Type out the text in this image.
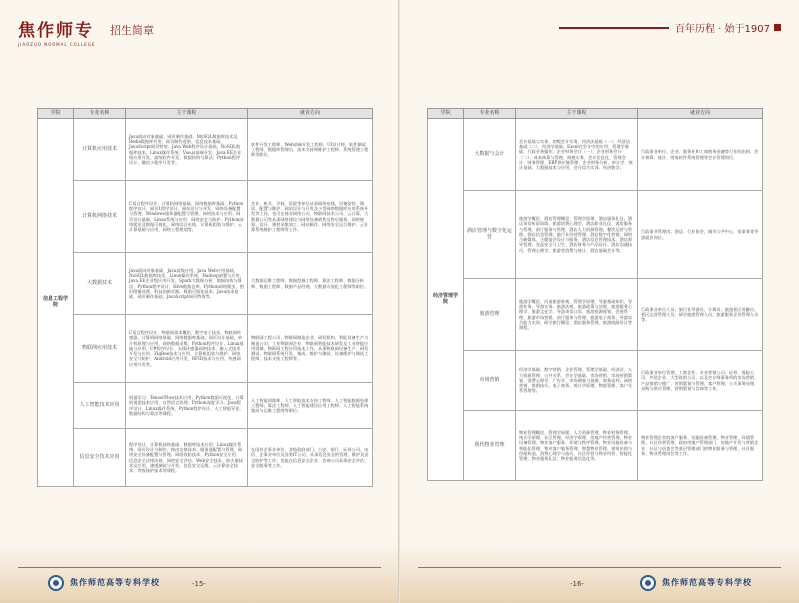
焦作师专
JIAOZUO NORMAL COLLEGE
招生简章
学院	专业名称	主干课程	就业方向
信息工程学院	计算机应用技术	Java面向对象基础、网页制作基础、MySQL数据库技术及Redis数据库应用、网页制作进阶、信息技术基础、JavaScript网页特效、Java Web程序设计基础、NoSQL数据库技术、Linux操作系统、Vue.js前端开发、Java EE企业级应用开发、高级软件开发、数据结构与算法、Python程序设计、微信小程序开发等。	软件开发工程师、Web前端开发工程师、UI设计师、软件测试工程师、数据库管理员、技术支持和维护工程师、系统管理工程师等职位。
	计算机网络技术	C语言程序设计、计算机网络基础、网络数据库基础、Python程序设计、网页1程序设计、网站设计与开发、网络设备配置与管理、Windows服务器配置与管理、网络技术与应用、网页设计基础、Linux系统与应用、网络安全与防护、Python网络爬虫及数据可视化、网络综合布线、计算机组装与维护、云计算基础与应用、网络工程规划等。	企业、机关、学校、医院等单位从事网络布线、设备安装、调试、配置与维护、网站设计与开发及小型网络数据库应用系统开发等工作。也可在商业网络公司、物联网技术公司、云计算、大数据公司等从事网络建设与网络设备销售及售后服务、网络规划、设计、建材采集加工、网站制作、网络安全运行维护、云计算系统维护工程师等工作。
	大数据技术	Java面向对象基础、Java高级应用、Java Web应用基础、NoSQL数据库技术、Linux操作系统、Hadoop部署与应用、Java EE企业级应用开发、Spark大数据分析、数据结构与算法、Python程序设计、Hive数据仓库、Python网络爬虫、图形图像处理、科技创新实践、数据可视化技术、Java技术基础、网页制作基础、JavaScript网页特效等。	大数据运维工程师、数据挖掘工程师、算法工程师、数据分析师、数据工程师、数据产品经理、大数据可视化工程师等职位。
	物联网应用技术	C语言程序设计、物联网技术概论、数字电子技术、物联网传感器、计算机网络基础、网络数据库基础、网页设计基础、单片机原理与应用、网络数据采集、Python程序设计、Linux基础与应用、C#程序设计、无线传感器网络技术、嵌入式技术开发与应用、ZigBee技术与应用、计算机组装与维护、网络安全与防护、Android应用开发、RFID技术与应用、传感网应用开发等。	物联网工程公司、物联网制造企业、研发机构、智能设备生产与制造公司、工业物联网企业、物联网智能技术研发及工业智能应用领域、物联网工程应用技术工作、从事物联网设备生产、研发测试、物联网系统开发、集成、维护与测试、设备维护与调试工程师、技术支持工程师等。
	人工智能技术应用	机器学习、TensorFlow技术应用、Python数据可视化、计算机视觉技术应用、自然语言处理、Python深度学习、Java程序设计、Linux操作系统、Python程序设计、人工智能导论、数据结构与算法等课程。	人工智能训练师、人工智能技术支持工程师、人工智能数据处理工程师、算法工程师、人工智能建设应用工程师、人工智能系统集成与运维工程师等职位。
	信息安全技术应用	程序设计、计算机网络基础、数据库技术应用、Linux操作系统、网页设计与制作、路由交换技术、服务器配置与管理、网络安全设备配置与管理、网络攻防技术、Python安全应用、信息安全法律法规、网络安全评估、Web安全技术、防火墙技术及应用、渗透测试与开发、信息安全运维、云计算安全技术、等级保护技术等课程。	在国有企事业单位、各级政府部门、公安、银行、证券公司、电信、企事业单位及各类IT公司，从事信息安全的管理、维护及安全防护等工作；也能在信息安全企业、咨询公司从事安全评估、安全服务等工作。
焦作师范高等专科学校	-15-
百年历程 · 始于1907
学院	专业名称	主干课程	就业方向
经济管理学院	大数据与会计	会计基础与实务、初级会计实务、经济法基础（一）、经济法基础（二）、经济学基础、Excel在会计中的应用、管理学基础、行政业务操作、企业财务会计（一）、企业财务会计（二）、成本核算与管理、纳税实务、会计信息化、管理会计、财务管理、ERP供应链管理、企业财务分析、审计学、统计基础、大数据技术与应用、会计综合实训、经济数学。	行政事业单位、企业、服务业和工商税务金融等行业的出纳、会计核算、统计、财务软件系统管理等会计管理岗位。
	酒店管理与数字化运营	旅游学概论、酒店管理概论、管理学原理、酒店服务礼仪、酒店英语听说训练、旅游消费心理学、酒店职业礼仪、客房服务与管理、前厅服务与管理、酒店人力资源管理、餐饮运营与管理、酒店信息管理、旅行社经营管理、酒店数字化营销、网络与新媒体、主题宴会设计与服务、酒店信息管理技术、酒店督导管理、食品安全与卫生、酒店财务与产品设计、酒店沟通技巧、管理心理学、旅游者消费与统计、酒店基础会计等。	行政事业管理岗；酒店、行业协会、城市公共中心、家事务等导游就业岗位。
	旅游管理	旅游学概论、河南旅游景观、管理学原理、导游基础知识、导游业务、导游实务、旅游法规、旅游政策与法规、旅游服务心理学、旅游文化学、导游英语口语、旅游资源规划、会展管理、旅游市场营销、前厅服务与管理、旅游电子商务、导游综合能力实训、研学旅行概论、酒店服务管理、旅游线路设计等课程。	行政事业单位人员；旅行社导游员、计调员；旅游景区讲解员、景区运营管理人员；研学旅游管理人员；旅游服务企业管理人员等。
	市场营销	经济学基础、数字营销、企业管理、管理学基础、经济法、人力资源管理、公共关系、会计学基础、市场营销、市场营销策划、消费心理学、广告学、市场调查与预测、商务谈判、网络营销、推销技巧、电子商务、统计学原理、物流管理、客户关系管理等。	行政事业单位管理、工商企业、专业营销公司、证券、保险公司、外贸企业、大型连锁公司、以及会计师事务所的市场营销、产品推销与推广、营销策划与管理、客户管理、公关事务处理、采购与供应管理、营销策划与咨询等工作。
	现代物业管理	物业管理概论、管理学原理、人力资源管理、物业财务管理、统计学原理、社区管理、经济学原理、房地产经营管理、物业设备管理、物业客户服务、环境与秩序管理、物业设施设备与智能化管理、物业客户服务管理、智慧物业管理、建筑识图与房屋构造、消费心理学与技巧、社区经营与物业经营、智能化管理、物业服务礼仪、物业服务信息化等。	物业管理企业的客户服务、设施设备管理、物业管理、环境管理、社区经营管理、政府房地产管理部门、房地产开发与营销企业、社区与居委会等基层管理部门的物业服务与管理、社区服务、物业管理岗位等工作。
-16-	焦作师范高等专科学校
